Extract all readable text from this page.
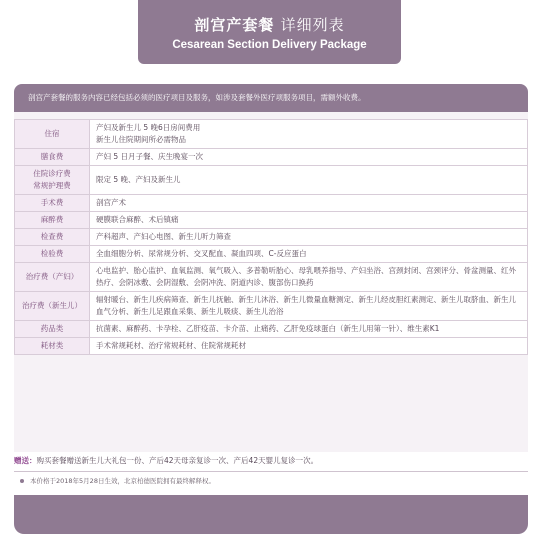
剖宫产套餐 详细列表
Cesarean Section Delivery Package
剖宫产套餐的服务内容已经包括必须的医疗项目及服务，如涉及套餐外医疗项服务项目，需额外收费。
住宿	产妇及新生儿 5 晚6日房间费用
新生儿住院期间所必需物品
膳食费	产妇 5 日月子餐、庆生晚宴一次
住院诊疗费
常规护理费	限定 5 晚、产妇及新生儿
手术费	剖宫产术
麻醉费	硬膜联合麻醉、术后镇痛
检查费	产科超声、产妇心电图、新生儿听力筛查
检验费	全血细胞分析、尿常规分析、交叉配血、凝血四项、C-反应蛋白
治疗费（产妇）	心电监护、胎心监护、血氧监测、氧气吸入、多普勒听胎心、母乳喂养指导、产妇坐浴、宫颈封闭、宫颈评分、骨盆测量、红外热疗、会阴冰敷、会阴湿敷、会阴冲洗、阴道内诊、腹部伤口换药
治疗费（新生儿）	辐射暖台、新生儿疾病筛查、新生儿抚触、新生儿沐浴、新生儿微量血糖测定、新生儿经皮胆红素测定、新生儿取脐血、新生儿血气分析、新生儿足跟血采集、新生儿吸痰、新生儿治浴
药品类	抗菌素、麻醉药、卡孕栓、乙肝疫苗、卡介苗、止痛药、乙肝免疫球蛋白（新生儿用第一针）、维生素K1
耗材类	手术常规耗材、治疗常规耗材、住院常规耗材
赠送：购买套餐赠送新生儿大礼包一份、产后42天母亲复诊一次、产后42天婴儿复诊一次。
本价格于2018年5月28日生效，北京柏德医院拥有最终解释权。
